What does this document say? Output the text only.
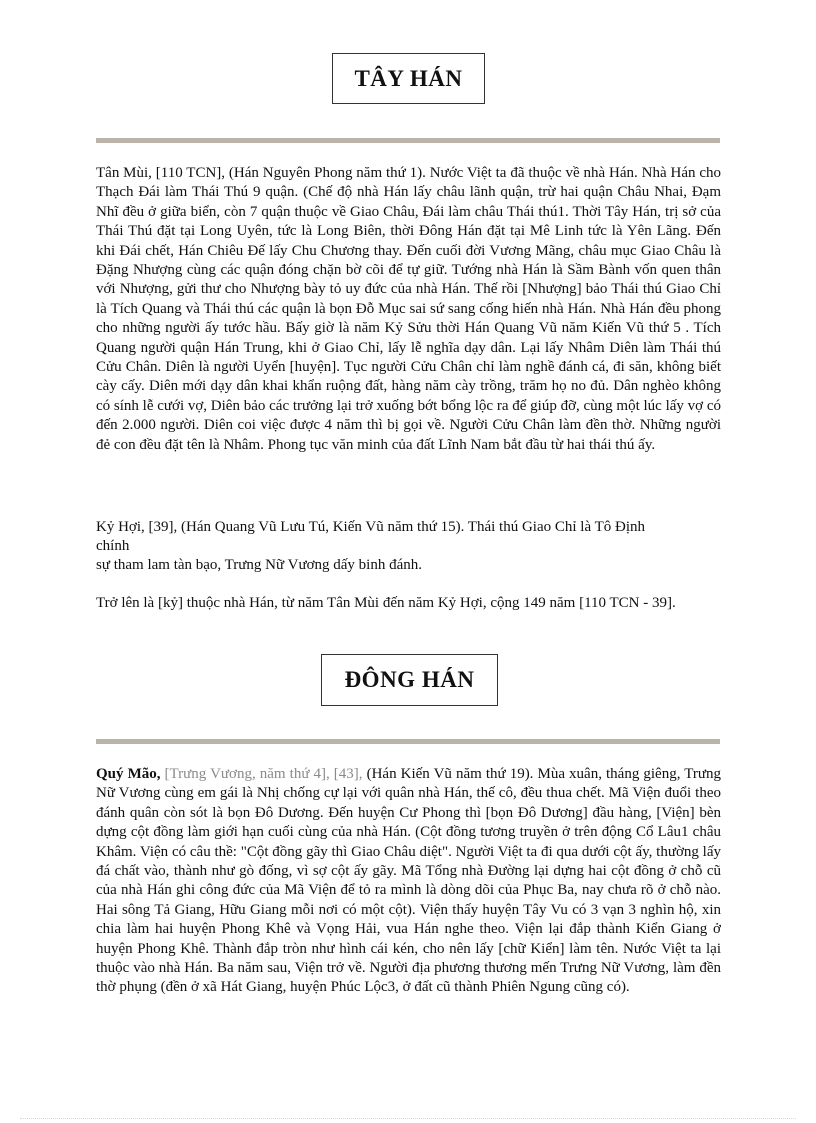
TÂY HÁN

Tân Mùi, [110 TCN], (Hán Nguyên Phong năm thứ 1). Nước Việt ta đã thuộc về nhà Hán. Nhà Hán cho Thạch Đái làm Thái Thú 9 quận. (Chế độ nhà Hán lấy châu lãnh quận, trừ hai quận Châu Nhai, Đạm Nhĩ đều ở giữa biển, còn 7 quận thuộc về Giao Châu, Đái làm châu Thái thú1. Thời Tây Hán, trị sở của Thái Thú đặt tại Long Uyên, tức là Long Biên, thời Đông Hán đặt tại Mê Linh tức là Yên Lãng. Đến khi Đái chết, Hán Chiêu Đế lấy Chu Chương thay. Đến cuối đời Vương Mãng, châu mục Giao Châu là Đặng Nhượng cùng các quận đóng chặn bờ cõi để tự giữ. Tướng nhà Hán là Sầm Bành vốn quen thân với Nhượng, gửi thư cho Nhượng bày tỏ uy đức của nhà Hán. Thế rồi [Nhượng] bảo Thái thú Giao Chỉ là Tích Quang và Thái thú các quận là bọn Đỗ Mục sai sứ sang cống hiến nhà Hán. Nhà Hán đều phong cho những người ấy tước hầu. Bấy giờ là năm Kỷ Sửu thời Hán Quang Vũ năm Kiến Vũ thứ 5 . Tích Quang người quận Hán Trung, khi ở Giao Chỉ, lấy lễ nghĩa dạy dân. Lại lấy Nhâm Diên làm Thái thú Cửu Chân. Diên là người Uyển [huyện]. Tục người Cửu Chân chỉ làm nghề đánh cá, đi săn, không biết cày cấy. Diên mới dạy dân khai khẩn ruộng đất, hàng năm cày trồng, trăm họ no đủ. Dân nghèo không có sính lễ cưới vợ, Diên bảo các trưởng lại trở xuống bớt bổng lộc ra để giúp đỡ, cùng một lúc lấy vợ có đến 2.000 người. Diên coi việc được 4 năm thì bị gọi về. Người Cửu Chân làm đền thờ. Những người đẻ con đều đặt tên là Nhâm. Phong tục văn minh của đất Lĩnh Nam bắt đầu từ hai thái thú ấy.

Kỷ Hợi, [39], (Hán Quang Vũ Lưu Tú, Kiến Vũ năm thứ 15). Thái thú Giao Chỉ là Tô Định
chính
sự tham lam tàn bạo, Trưng Nữ Vương dấy binh đánh.

Trở lên là [kỷ] thuộc nhà Hán, từ năm Tân Mùi đến năm Kỷ Hợi, cộng 149 năm [110 TCN - 39].

ĐÔNG HÁN

Quý Mão, [Trưng Vương, năm thứ 4], [43], (Hán Kiến Vũ năm thứ 19). Mùa xuân, tháng giêng, Trưng Nữ Vương cùng em gái là Nhị chống cự lại với quân nhà Hán, thế cô, đều thua chết. Mã Viện đuổi theo đánh quân còn sót là bọn Đô Dương. Đến huyện Cư Phong thì [bọn Đô Dương] đầu hàng, [Viện] bèn dựng cột đồng làm giới hạn cuối cùng của nhà Hán. (Cột đồng tương truyền ở trên động Cổ Lâu1 châu Khâm. Viện có câu thề: "Cột đồng gãy thì Giao Châu diệt". Người Việt ta đi qua dưới cột ấy, thường lấy đá chất vào, thành như gò đống, vì sợ cột ấy gãy. Mã Tổng nhà Đường lại dựng hai cột đồng ở chỗ cũ của nhà Hán ghi công đức của Mã Viện để tỏ ra mình là dòng dõi của Phục Ba, nay chưa rõ ở chỗ nào. Hai sông Tả Giang, Hữu Giang mỗi nơi có một cột). Viện thấy huyện Tây Vu có 3 vạn 3 nghìn hộ, xin chia làm hai huyện Phong Khê và Vọng Hải, vua Hán nghe theo. Viện lại đắp thành Kiển Giang ở huyện Phong Khê. Thành đắp tròn như hình cái kén, cho nên lấy [chữ Kiển] làm tên. Nước Việt ta lại thuộc vào nhà Hán. Ba năm sau, Viện trở về. Người địa phương thương mến Trưng Nữ Vương, làm đền thờ phụng (đền ở xã Hát Giang, huyện Phúc Lộc3, ở đất cũ thành Phiên Ngung cũng có).
